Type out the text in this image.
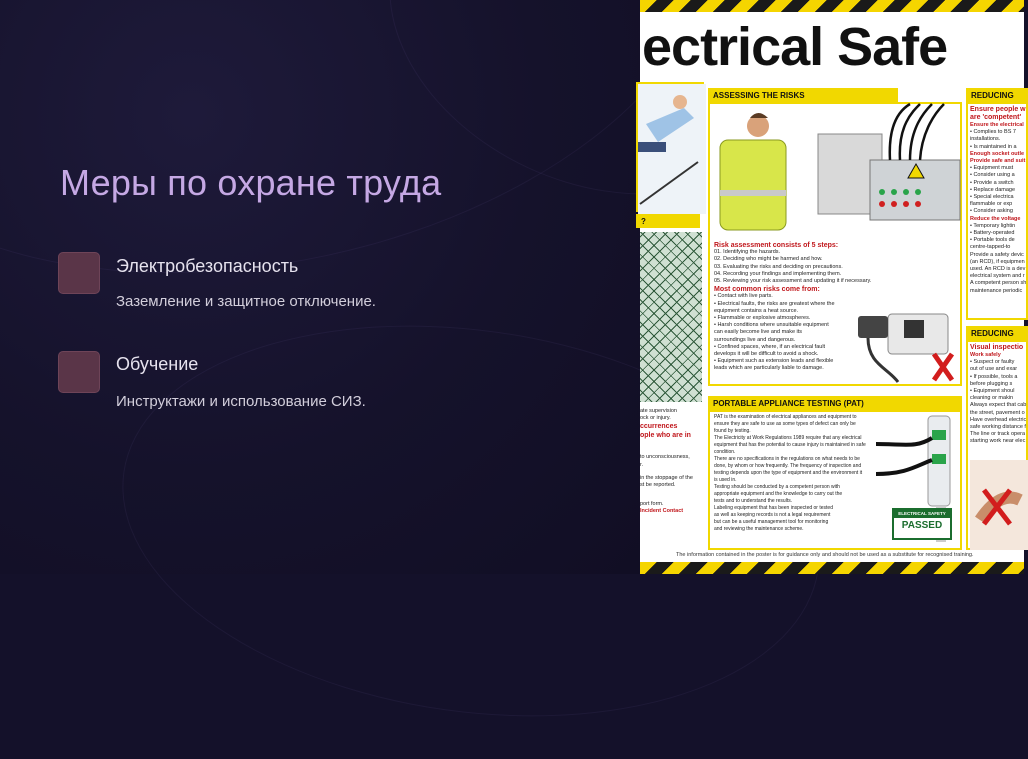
Меры по охране труда
Электробезопасность
Заземление и защитное отключение.
Обучение
Инструктажи и использование СИЗ.
ectrical Safe
?
ate supervision
ock or injury.
ccurrences
ople who are in
to unconsciousness,
r.
in the stoppage of the
st be reported.
port form.
Incident Contact
ASSESSING THE RISKS
Risk assessment consists of 5 steps:
01. Identifying the hazards.
02. Deciding who might be harmed and how.
03. Evaluating the risks and deciding on precautions.
04. Recording your findings and implementing them.
05. Reviewing your risk assessment and updating it if necessary.
Most common risks come from:
• Contact with live parts.
• Electrical faults, the risks are greatest where the
equipment contains a heat source.
• Flammable or explosive atmospheres.
• Harsh conditions where unsuitable equipment
can easily become live and make its
surroundings live and dangerous.
• Confined spaces, where, if an electrical fault
develops it will be difficult to avoid a shock.
• Equipment such as extension leads and flexible
leads which are particularly liable to damage.
REDUCING
Ensure people w
are 'competent'
Ensure the electrical
• Complies to BS 7
installations.
• Is maintained in a
Enough socket outle
Provide safe and suit
• Equipment must
• Consider using a
• Provide a switch
• Replace damage
• Special electrica
flammable or exp
• Consider asking
Reduce the voltage
• Temporary lightin
• Battery-operated
• Portable tools de
centre-tapped-to
Provide a safety devic
(an RCD), if equipmen
used. An RCD is a dev
electrical system and r
A competent person sh
maintenance periodic
REDUCING
Visual inspectio
Work safely
• Suspect or faulty
out of use and exar
• If possible, tools a
before plugging s
• Equipment shoul
cleaning or makin
Always expect that cab
the street, pavement o
Have overhead electric
safe working distance f
The line or track opera
starting work near elec
PORTABLE APPLIANCE TESTING (PAT)
PAT is the examination of electrical appliances and equipment to
ensure they are safe to use as some types of defect can only be
found by testing.
The Electricity at Work Regulations 1989 require that any electrical
equipment that has the potential to cause injury is maintained in safe
condition.
There are no specifications in the regulations on what needs to be
done, by whom or how frequently. The frequency of inspection and
testing depends upon the type of equipment and the environment it
is used in.
Testing should be conducted by a competent person with
appropriate equipment and the knowledge to carry out the
tests and to understand the results.
Labeling equipment that has been inspected or tested
as well as keeping records is not a legal requirement
but can be a useful management tool for monitoring
and reviewing the maintenance scheme.
ELECTRICAL SAFETY
PASSED
The information contained in the poster is for guidance only and should not be used as a substitute for recognised training.
